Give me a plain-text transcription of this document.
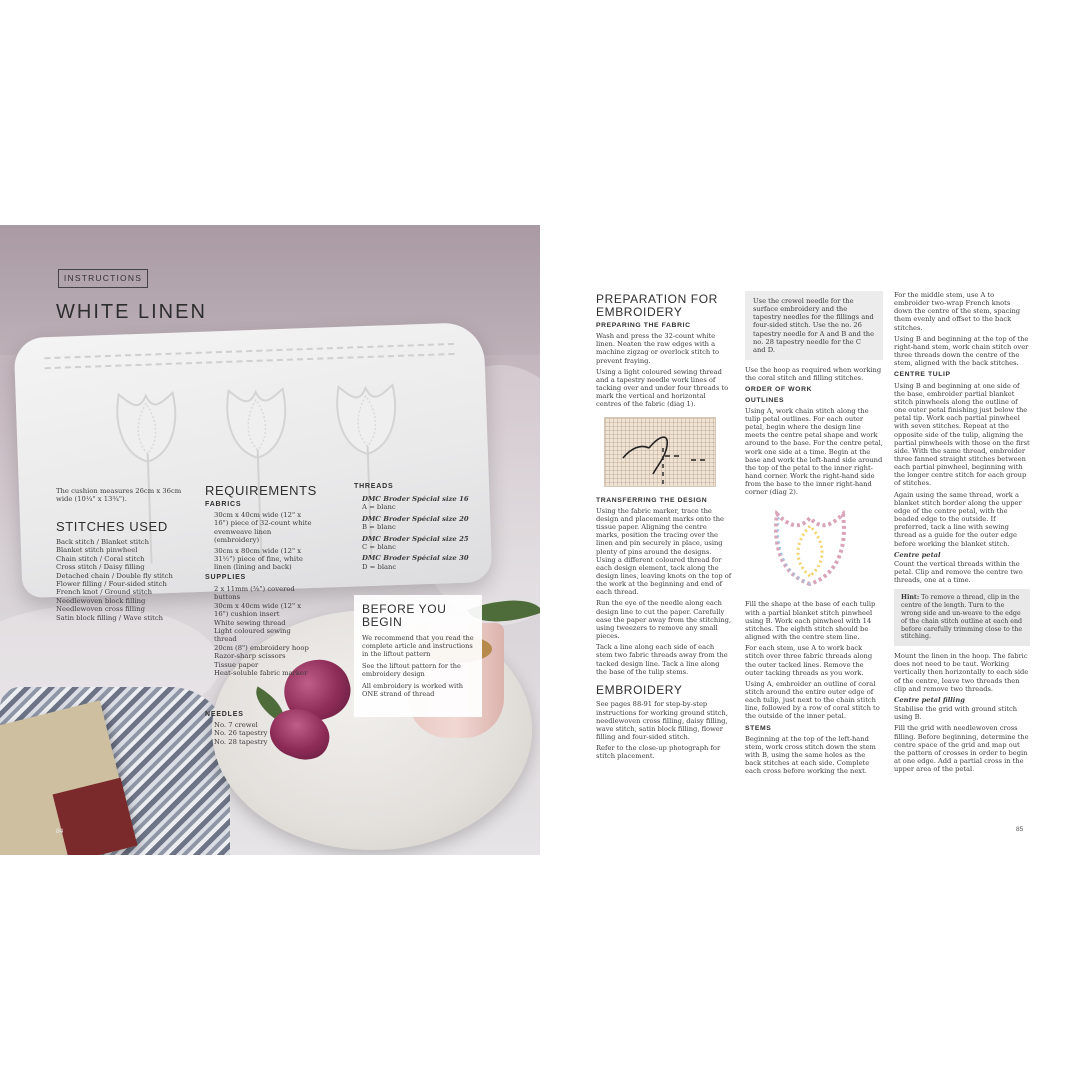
INSTRUCTIONS
WHITE LINEN
The cushion measures 26cm x 36cm wide (10¼" x 13¾").
STITCHES USED
Back stitch / Blanket stitch
Blanket stitch pinwheel
Chain stitch / Coral stitch
Cross stitch / Daisy filling
Detached chain / Double fly stitch
Flower filling / Four-sided stitch
French knot / Ground stitch
Needlewoven block filling
Needlewoven cross filling
Satin block filling / Wave stitch
REQUIREMENTS
FABRICS
30cm x 40cm wide (12" x 16") piece of 32-count white evenweave linen (embroidery)
30cm x 80cm wide (12" x 31½") piece of fine, white linen (lining and back)
SUPPLIES
2 x 11mm (⅜") covered buttons
30cm x 40cm wide (12" x 16") cushion insert
White sewing thread
Light coloured sewing thread
20cm (8") embroidery hoop
Razor-sharp scissors
Tissue paper
Heat-soluble fabric marker
NEEDLES
No. 7 crewel
No. 26 tapestry
No. 28 tapestry
THREADS
DMC Broder Spécial size 16
A = blanc
DMC Broder Spécial size 20
B = blanc
DMC Broder Spécial size 25
C = blanc
DMC Broder Spécial size 30
D = blanc
BEFORE YOU BEGIN

We recommend that you read the complete article and instructions in the liftout pattern

See the liftout pattern for the embroidery design

All embroidery is worked with ONE strand of thread

84
PREPARATION FOR EMBROIDERY
PREPARING THE FABRIC

Wash and press the 32-count white linen. Neaten the raw edges with a machine zigzag or overlock stitch to prevent fraying.

Using a light coloured sewing thread and a tapestry needle work lines of tacking over and under four threads to mark the vertical and horizontal centres of the fabric (diag 1).

TRANSFERRING THE DESIGN

Using the fabric marker, trace the design and placement marks onto the tissue paper. Aligning the centre marks, position the tracing over the linen and pin securely in place, using plenty of pins around the designs. Using a different coloured thread for each design element, tack along the design lines, leaving knots on the top of the work at the beginning and end of each thread.

Run the eye of the needle along each design line to cut the paper. Carefully ease the paper away from the stitching, using tweezers to remove any small pieces.

Tack a line along each side of each stem two fabric threads away from the tacked design line. Tack a line along the base of the tulip stems.

EMBROIDERY

See pages 88-91 for step-by-step instructions for working ground stitch, needlewoven cross filling, daisy filling, wave stitch, satin block filling, flower filling and four-sided stitch.

Refer to the close-up photograph for stitch placement.

Use the crewel needle for the surface embroidery and the tapestry needles for the fillings and four-sided stitch. Use the no. 26 tapestry needle for A and B and the no. 28 tapestry needle for the C and D.

Use the hoop as required when working the coral stitch and filling stitches.

ORDER OF WORK
OUTLINES

Using A, work chain stitch along the tulip petal outlines. For each outer petal, begin where the design line meets the centre petal shape and work around to the base. For the centre petal, work one side at a time. Begin at the base and work the left-hand side around the top of the petal to the inner right-hand corner. Work the right-hand side from the base to the inner right-hand corner (diag 2).

Fill the shape at the base of each tulip with a partial blanket stitch pinwheel using B. Work each pinwheel with 14 stitches. The eighth stitch should be aligned with the centre stem line.

For each stem, use A to work back stitch over three fabric threads along the outer tacked lines. Remove the outer tacking threads as you work.

Using A, embroider an outline of coral stitch around the entire outer edge of each tulip, just next to the chain stitch line, followed by a row of coral stitch to the outside of the inner petal.

STEMS

Beginning at the top of the left-hand stem, work cross stitch down the stem with B, using the same holes as the back stitches at each side. Complete each cross before working the next.

For the middle stem, use A to embroider two-wrap French knots down the centre of the stem, spacing them evenly and offset to the back stitches.

Using B and beginning at the top of the right-hand stem, work chain stitch over three threads down the centre of the stem, aligned with the back stitches.

CENTRE TULIP

Using B and beginning at one side of the base, embroider partial blanket stitch pinwheels along the outline of one outer petal finishing just below the petal tip. Work each partial pinwheel with seven stitches. Repeat at the opposite side of the tulip, aligning the partial pinwheels with those on the first side. With the same thread, embroider three fanned straight stitches between each partial pinwheel, beginning with the longer centre stitch for each group of stitches.

Again using the same thread, work a blanket stitch border along the upper edge of the centre petal, with the beaded edge to the outside. If preferred, tack a line with sewing thread as a guide for the outer edge before working the blanket stitch.

Centre petal

Count the vertical threads within the petal. Clip and remove the centre two threads, one at a time.

Hint: To remove a thread, clip in the centre of the length. Turn to the wrong side and un-weave to the edge of the chain stitch outline at each end before carefully trimming close to the stitching.

Mount the linen in the hoop. The fabric does not need to be taut. Working vertically then horizontally to each side of the centre, leave two threads then clip and remove two threads.

Centre petal filling

Stabilise the grid with ground stitch using B.

Fill the grid with needlewoven cross filling. Before beginning, determine the centre space of the grid and map out the pattern of crosses in order to begin at one edge. Add a partial cross in the upper area of the petal.

85
